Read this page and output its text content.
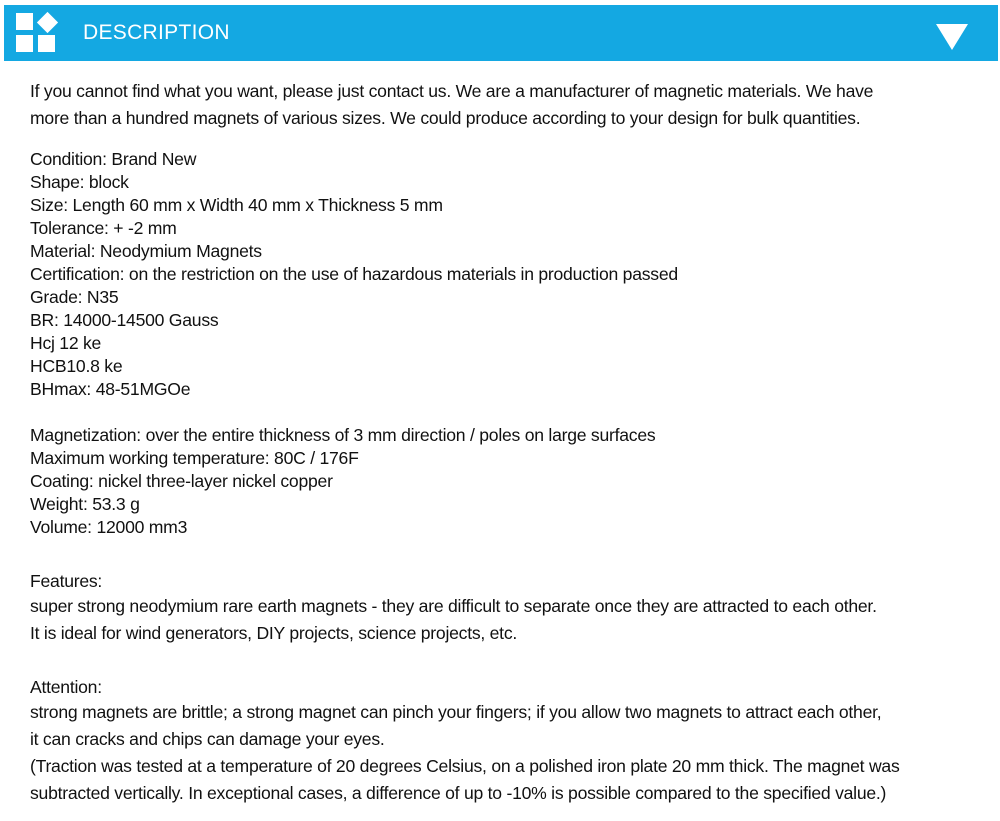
DESCRIPTION
If you cannot find what you want, please just contact us. We are a manufacturer of magnetic materials. We have
more than a hundred magnets of various sizes. We could produce according to your design for bulk quantities.
Condition: Brand New
Shape: block
Size: Length 60 mm x Width 40 mm x Thickness 5 mm
Tolerance: + -2 mm
Material: Neodymium Magnets
Certification: on the restriction on the use of hazardous materials in production passed
Grade: N35
BR: 14000-14500 Gauss
Hcj 12 ke
HCB10.8 ke
BHmax: 48-51MGOe
Magnetization: over the entire thickness of 3 mm direction / poles on large surfaces
Maximum working temperature: 80C / 176F
Coating: nickel three-layer nickel copper
Weight: 53.3 g
Volume: 12000 mm3
Features:
super strong neodymium rare earth magnets - they are difficult to separate once they are attracted to each other.
It is ideal for wind generators, DIY projects, science projects, etc.
Attention:
strong magnets are brittle; a strong magnet can pinch your fingers; if you allow two magnets to attract each other,
it can cracks and chips can damage your eyes.
(Traction was tested at a temperature of 20 degrees Celsius, on a polished iron plate 20 mm thick. The magnet was
subtracted vertically. In exceptional cases, a difference of up to -10% is possible compared to the specified value.)
